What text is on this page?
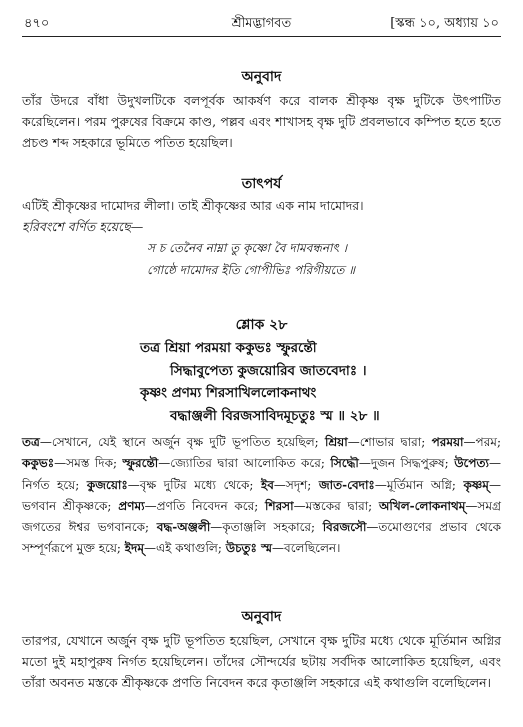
৪৭০	শ্রীমদ্ভাগবত	[স্কন্ধ ১০, অধ্যায় ১০
অনুবাদ

তাঁর উদরে বাঁধা উদুখলটিকে বলপূর্বক আকর্ষণ করে বালক শ্রীকৃষ্ণ বৃক্ষ দুটিকে উৎপাটিত করেছিলেন। পরম পুরুষের বিক্রমে কাণ্ড, পল্লব এবং শাখাসহ বৃক্ষ দুটি প্রবলভাবে কম্পিত হতে হতে প্রচণ্ড শব্দ সহকারে ভূমিতে পতিত হয়েছিল।

তাৎপর্য

এটিই শ্রীকৃষ্ণের দামোদর লীলা। তাই শ্রীকৃষ্ণের আর এক নাম দামোদর।

হরিবংশে বর্ণিত হয়েছে—

স চ তেনৈব নাম্না তু কৃষ্ণো বৈ দামবন্ধনাৎ ।
গোষ্ঠে দামোদর ইতি গোপীভিঃ পরিগীয়তে ॥
শ্লোক ২৮
তত্র শ্রিয়া পরময়া ককুভঃ স্ফুরন্তৌ
সিদ্ধাবুপেত্য কুজয়োরিব জাতবেদাঃ ।
কৃষ্ণং প্রণম্য শিরসাখিললোকনাথং
বদ্ধাঞ্জলী বিরজসাবিদমূচতুঃ স্ম ॥ ২৮ ॥

তত্র—সেখানে, যেই স্থানে অর্জুন বৃক্ষ দুটি ভূপতিত হয়েছিল; শ্রিয়া—শোভার দ্বারা; পরময়া—পরম; ককুভঃ—সমস্ত দিক; স্ফুরন্তৌ—জ্যোতির দ্বারা আলোকিত করে; সিদ্ধৌ—দুজন সিদ্ধপুরুষ; উপেত্য—নির্গত হয়ে; কুজয়োঃ—বৃক্ষ দুটির মধ্যে থেকে; ইব—সদৃশ; জাত-বেদাঃ—মূর্তিমান অগ্নি; কৃষ্ণম্—ভগবান শ্রীকৃষ্ণকে; প্রণম্য—প্রণতি নিবেদন করে; শিরসা—মস্তকের দ্বারা; অখিল-লোকনাথম্—সমগ্র জগতের ঈশ্বর ভগবানকে; বদ্ধ-অঞ্জলী—কৃতাঞ্জলি সহকারে; বিরজসৌ—তমোগুণের প্রভাব থেকে সম্পূর্ণরূপে মুক্ত হয়ে; ইদম্—এই কথাগুলি; উচতুঃ স্ম—বলেছিলেন।

অনুবাদ

তারপর, যেখানে অর্জুন বৃক্ষ দুটি ভূপতিত হয়েছিল, সেখানে বৃক্ষ দুটির মধ্যে থেকে মূর্তিমান অগ্নির মতো দুই মহাপুরুষ নির্গত হয়েছিলেন। তাঁদের সৌন্দর্যের ছটায় সর্বদিক আলোকিত হয়েছিল, এবং তাঁরা অবনত মস্তকে শ্রীকৃষ্ণকে প্রণতি নিবেদন করে কৃতাঞ্জলি সহকারে এই কথাগুলি বলেছিলেন।
